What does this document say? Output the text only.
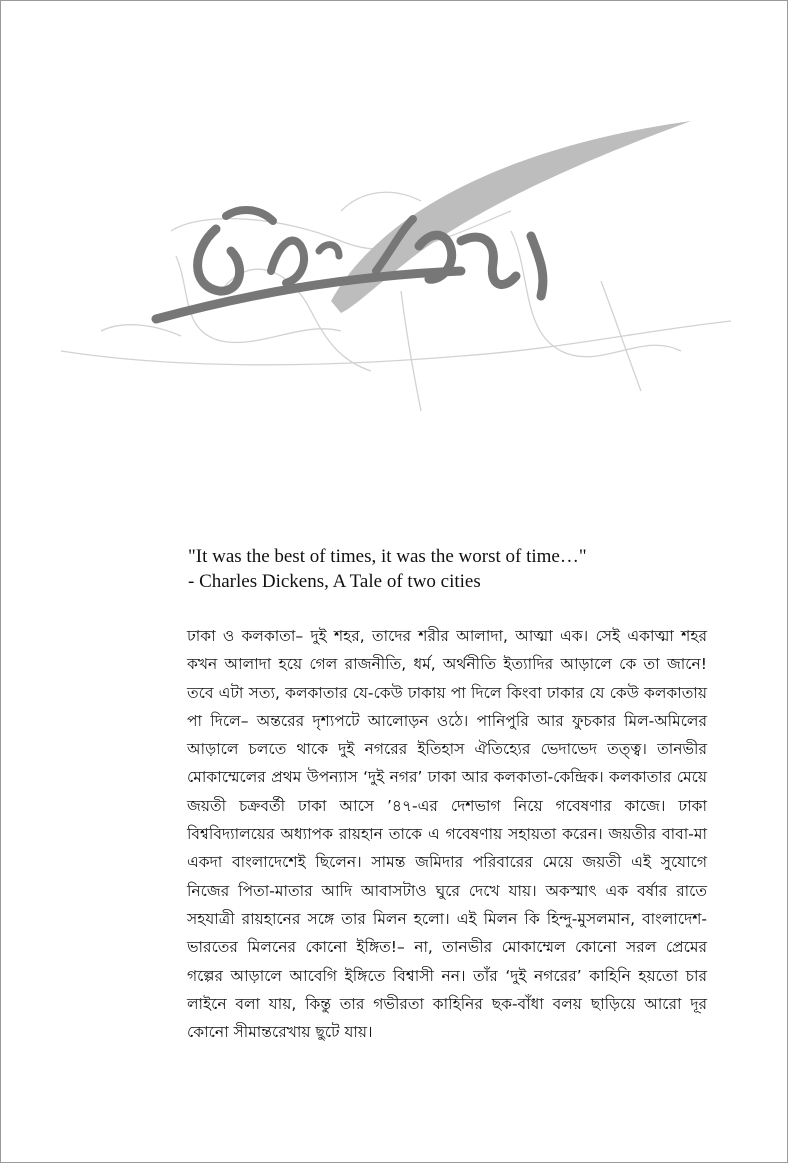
প্রাক্-কথন
"It was the best of times, it was the worst of time…"
- Charles Dickens, A Tale of two cities
ঢাকা ও কলকাতা– দুই শহর, তাদের শরীর আলাদা, আত্মা এক। সেই একাত্মা শহর কখন আলাদা হয়ে গেল রাজনীতি, ধর্ম, অর্থনীতি ইত্যাদির আড়ালে কে তা জানে! তবে এটা সত্য, কলকাতার যে-কেউ ঢাকায় পা দিলে কিংবা ঢাকার যে কেউ কলকাতায় পা দিলে– অন্তরের দৃশ্যপটে আলোড়ন ওঠে। পানিপুরি আর ফুচকার মিল-অমিলের আড়ালে চলতে থাকে দুই নগরের ইতিহাস ঐতিহ্যের ভেদাভেদ তত্ত্ব। তানভীর মোকাম্মেলের প্রথম উপন্যাস ‘দুই নগর’ ঢাকা আর কলকাতা-কেন্দ্রিক। কলকাতার মেয়ে জয়তী চক্রবর্তী ঢাকা আসে ’৪৭-এর দেশভাগ নিয়ে গবেষণার কাজে। ঢাকা বিশ্ববিদ্যালয়ের অধ্যাপক রায়হান তাকে এ গবেষণায় সহায়তা করেন। জয়তীর বাবা-মা একদা বাংলাদেশেই ছিলেন। সামন্ত জমিদার পরিবারের মেয়ে জয়তী এই সুযোগে নিজের পিতা-মাতার আদি আবাসটাও ঘুরে দেখে যায়। অকস্মাৎ এক বর্ষার রাতে সহযাত্রী রায়হানের সঙ্গে তার মিলন হলো। এই মিলন কি হিন্দু-মুসলমান, বাংলাদেশ-ভারতের মিলনের কোনো ইঙ্গিত!– না, তানভীর মোকাম্মেল কোনো সরল প্রেমের গল্পের আড়ালে আবেগি ইঙ্গিতে বিশ্বাসী নন। তাঁর ‘দুই নগরের’ কাহিনি হয়তো চার লাইনে বলা যায়, কিন্তু তার গভীরতা কাহিনির ছক-বাঁধা বলয় ছাড়িয়ে আরো দূর কোনো সীমান্তরেখায় ছুটে যায়।
